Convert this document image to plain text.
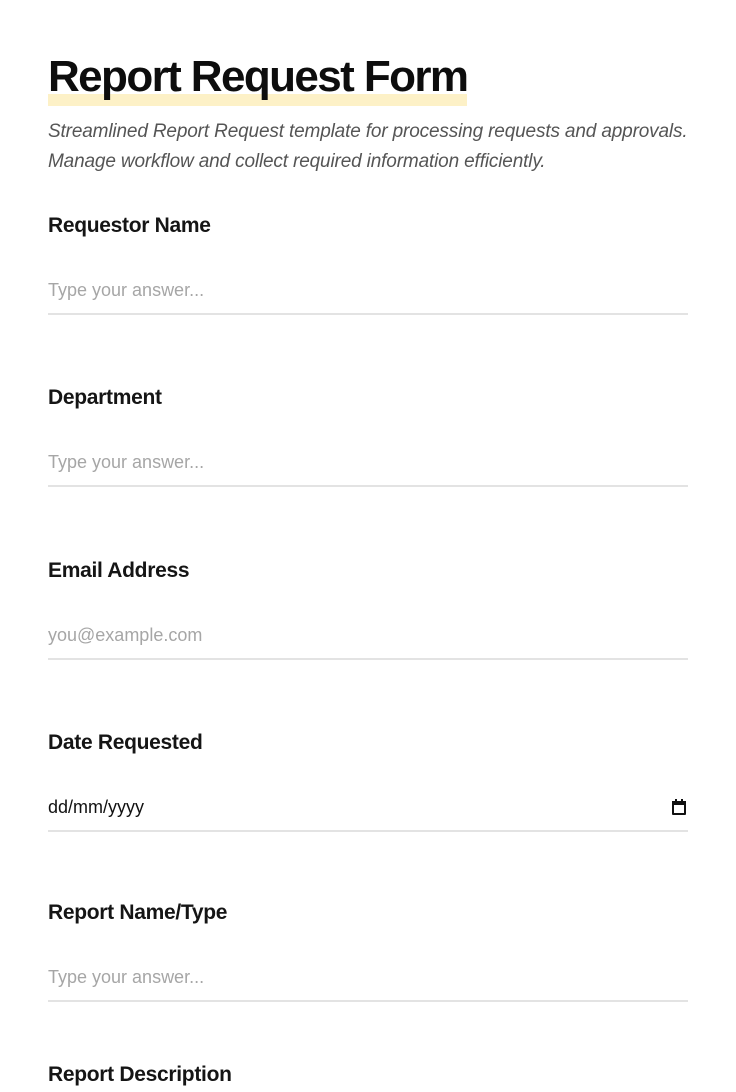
Report Request Form

Streamlined Report Request template for processing requests and approvals. Manage workflow and collect required information efficiently.

Requestor Name
Type your answer...
Department
Type your answer...
Email Address
you@example.com
Date Requested
dd/mm/yyyy
Report Name/Type
Type your answer...
Report Description
